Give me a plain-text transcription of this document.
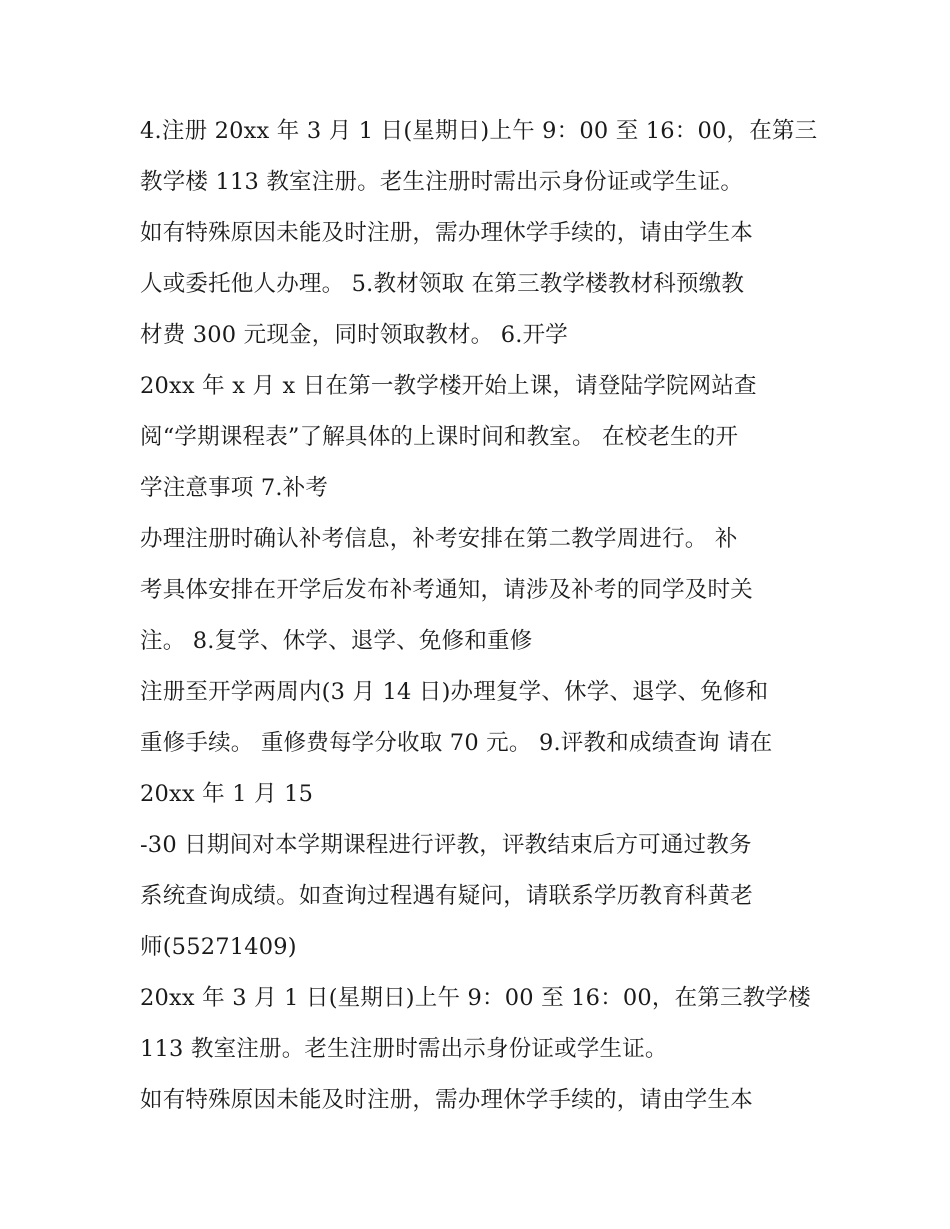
4.注册 20xx 年 3 月 1 日(星期日)上午 9：00 至 16：00，在第三
教学楼 113 教室注册。老生注册时需出示身份证或学生证。
如有特殊原因未能及时注册，需办理休学手续的，请由学生本
人或委托他人办理。 5.教材领取 在第三教学楼教材科预缴教
材费 300 元现金，同时领取教材。 6.开学
20xx 年 x 月 x 日在第一教学楼开始上课，请登陆学院网站查
阅“学期课程表”了解具体的上课时间和教室。 在校老生的开
学注意事项 7.补考
办理注册时确认补考信息，补考安排在第二教学周进行。 补
考具体安排在开学后发布补考通知，请涉及补考的同学及时关
注。 8.复学、休学、退学、免修和重修
注册至开学两周内(3 月 14 日)办理复学、休学、退学、免修和
重修手续。 重修费每学分收取 70 元。 9.评教和成绩查询 请在
20xx 年 1 月 15
-30 日期间对本学期课程进行评教，评教结束后方可通过教务
系统查询成绩。如查询过程遇有疑问，请联系学历教育科黄老
师(55271409)
20xx 年 3 月 1 日(星期日)上午 9：00 至 16：00，在第三教学楼
113 教室注册。老生注册时需出示身份证或学生证。
如有特殊原因未能及时注册，需办理休学手续的，请由学生本
